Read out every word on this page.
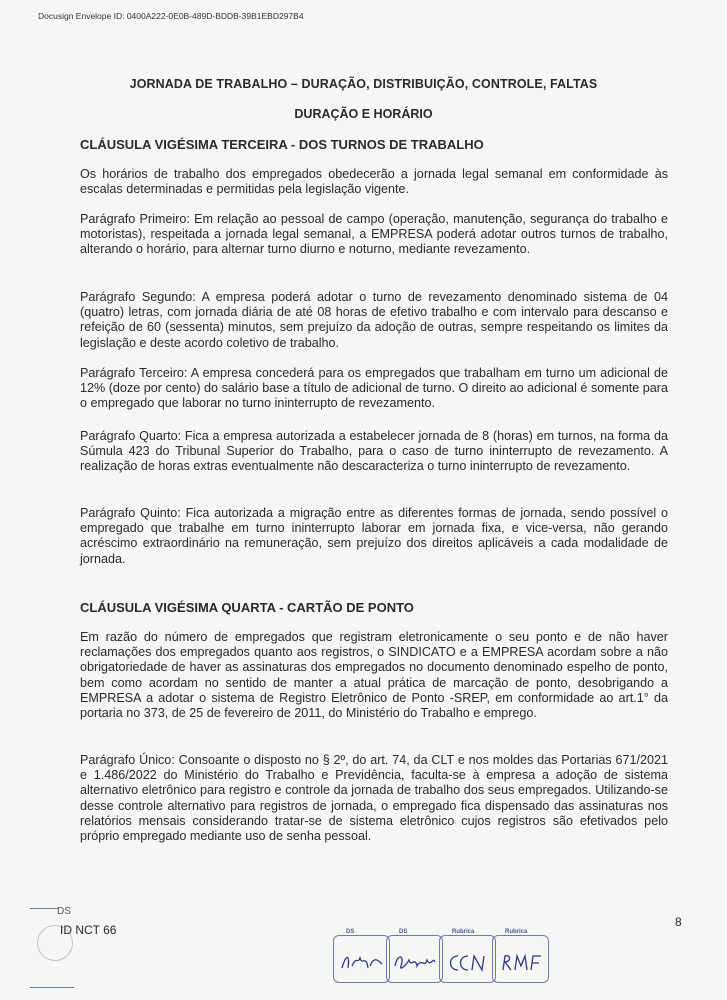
Docusign Envelope ID: 0400A222-0E0B-489D-BDDB-39B1EBD297B4
JORNADA DE TRABALHO – DURAÇÃO, DISTRIBUIÇÃO, CONTROLE, FALTAS
DURAÇÃO E HORÁRIO
CLÁUSULA VIGÉSIMA TERCEIRA - DOS TURNOS DE TRABALHO

Os horários de trabalho dos empregados obedecerão a jornada legal semanal em conformidade às escalas determinadas e permitidas pela legislação vigente.

Parágrafo Primeiro: Em relação ao pessoal de campo (operação, manutenção, segurança do trabalho e motoristas), respeitada a jornada legal semanal, a EMPRESA poderá adotar outros turnos de trabalho, alterando o horário, para alternar turno diurno e noturno, mediante revezamento.

Parágrafo Segundo: A empresa poderá adotar o turno de revezamento denominado sistema de 04 (quatro) letras, com jornada diária de até 08 horas de efetivo trabalho e com intervalo para descanso e refeição de 60 (sessenta) minutos, sem prejuízo da adoção de outras, sempre respeitando os limites da legislação e deste acordo coletivo de trabalho.

Parágrafo Terceiro: A empresa concederá para os empregados que trabalham em turno um adicional de 12% (doze por cento) do salário base a título de adicional de turno. O direito ao adicional é somente para o empregado que laborar no turno ininterrupto de revezamento.

Parágrafo Quarto: Fica a empresa autorizada a estabelecer jornada de 8 (horas) em turnos, na forma da Súmula 423 do Tribunal Superior do Trabalho, para o caso de turno ininterrupto de revezamento. A realização de horas extras eventualmente não descaracteriza o turno ininterrupto de revezamento.

Parágrafo Quinto: Fica autorizada a migração entre as diferentes formas de jornada, sendo possível o empregado que trabalhe em turno ininterrupto laborar em jornada fixa, e vice-versa, não gerando acréscimo extraordinário na remuneração, sem prejuízo dos direitos aplicáveis a cada modalidade de jornada.

CLÁUSULA VIGÉSIMA QUARTA - CARTÃO DE PONTO

Em razão do número de empregados que registram eletronicamente o seu ponto e de não haver reclamações dos empregados quanto aos registros, o SINDICATO e a EMPRESA acordam sobre a não obrigatoriedade de haver as assinaturas dos empregados no documento denominado espelho de ponto, bem como acordam no sentido de manter a atual prática de marcação de ponto, desobrigando a EMPRESA a adotar o sistema de Registro Eletrônico de Ponto -SREP, em conformidade ao art.1° da portaria no 373, de 25 de fevereiro de 2011, do Ministério do Trabalho e emprego.

Parágrafo Único: Consoante o disposto no § 2º, do art. 74, da CLT e nos moldes das Portarias 671/2021 e 1.486/2022 do Ministério do Trabalho e Previdência, faculta-se à empresa a adoção de sistema alternativo eletrônico para registro e controle da jornada de trabalho dos seus empregados. Utilizando-se desse controle alternativo para registros de jornada, o empregado fica dispensado das assinaturas nos relatórios mensais considerando tratar-se de sistema eletrônico cujos registros são efetivados pelo próprio empregado mediante uso de senha pessoal.

DS
ID NCT 66
8
DS	DS	Rubrica	Rubrica
